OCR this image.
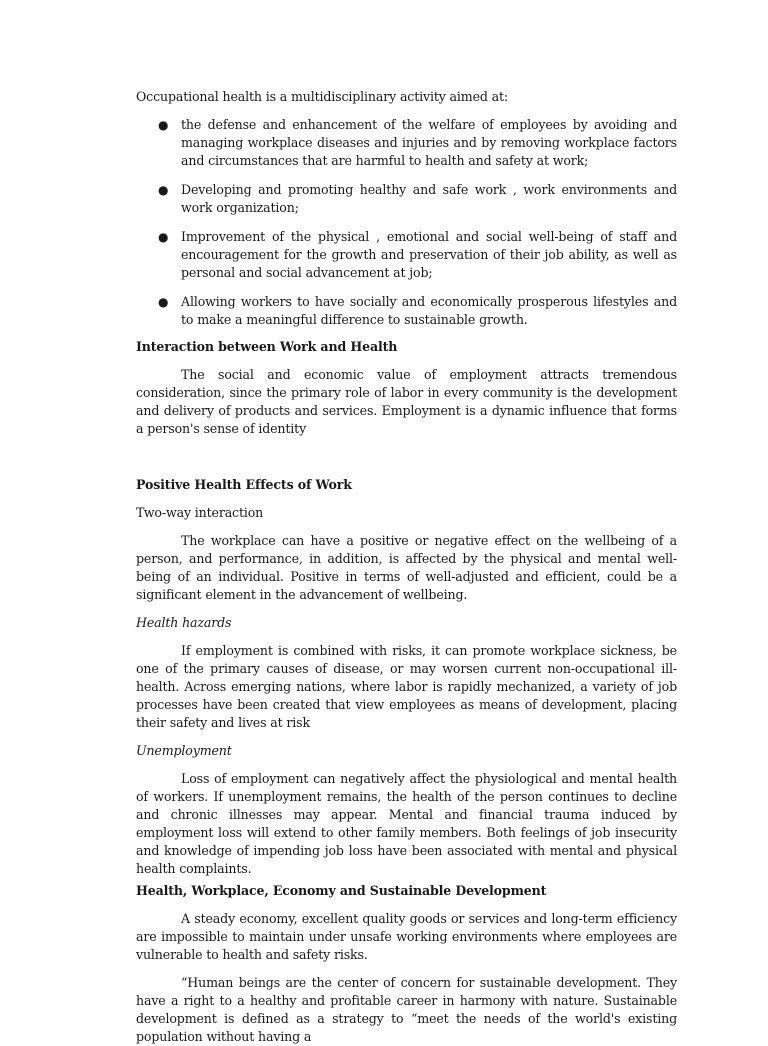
Occupational health is a multidisciplinary activity aimed at:

● the defense and enhancement of the welfare of employees by avoiding and managing workplace diseases and injuries and by removing workplace factors and circumstances that are harmful to health and safety at work;
● Developing and promoting healthy and safe work , work environments and work organization;
● Improvement of the physical , emotional and social well-being of staff and encouragement for the growth and preservation of their job ability, as well as personal and social advancement at job;
● Allowing workers to have socially and economically prosperous lifestyles and to make a meaningful difference to sustainable growth.
Interaction between Work and Health

The social and economic value of employment attracts tremendous consideration, since the primary role of labor in every community is the development and delivery of products and services. Employment is a dynamic influence that forms a person's sense of identity

Positive Health Effects of Work

Two-way interaction

The workplace can have a positive or negative effect on the wellbeing of a person, and performance, in addition, is affected by the physical and mental well-being of an individual. Positive in terms of well-adjusted and efficient, could be a significant element in the advancement of wellbeing.

Health hazards

If employment is combined with risks, it can promote workplace sickness, be one of the primary causes of disease, or may worsen current non-occupational ill-health. Across emerging nations, where labor is rapidly mechanized, a variety of job processes have been created that view employees as means of development, placing their safety and lives at risk

Unemployment

Loss of employment can negatively affect the physiological and mental health of workers. If unemployment remains, the health of the person continues to decline and chronic illnesses may appear. Mental and financial trauma induced by employment loss will extend to other family members. Both feelings of job insecurity and knowledge of impending job loss have been associated with mental and physical health complaints.

Health, Workplace, Economy and Sustainable Development

A steady economy, excellent quality goods or services and long-term efficiency are impossible to maintain under unsafe working environments where employees are vulnerable to health and safety risks.

“Human beings are the center of concern for sustainable development. They have a right to a healthy and profitable career in harmony with nature. Sustainable development is defined as a strategy to “meet the needs of the world's existing population without having a
